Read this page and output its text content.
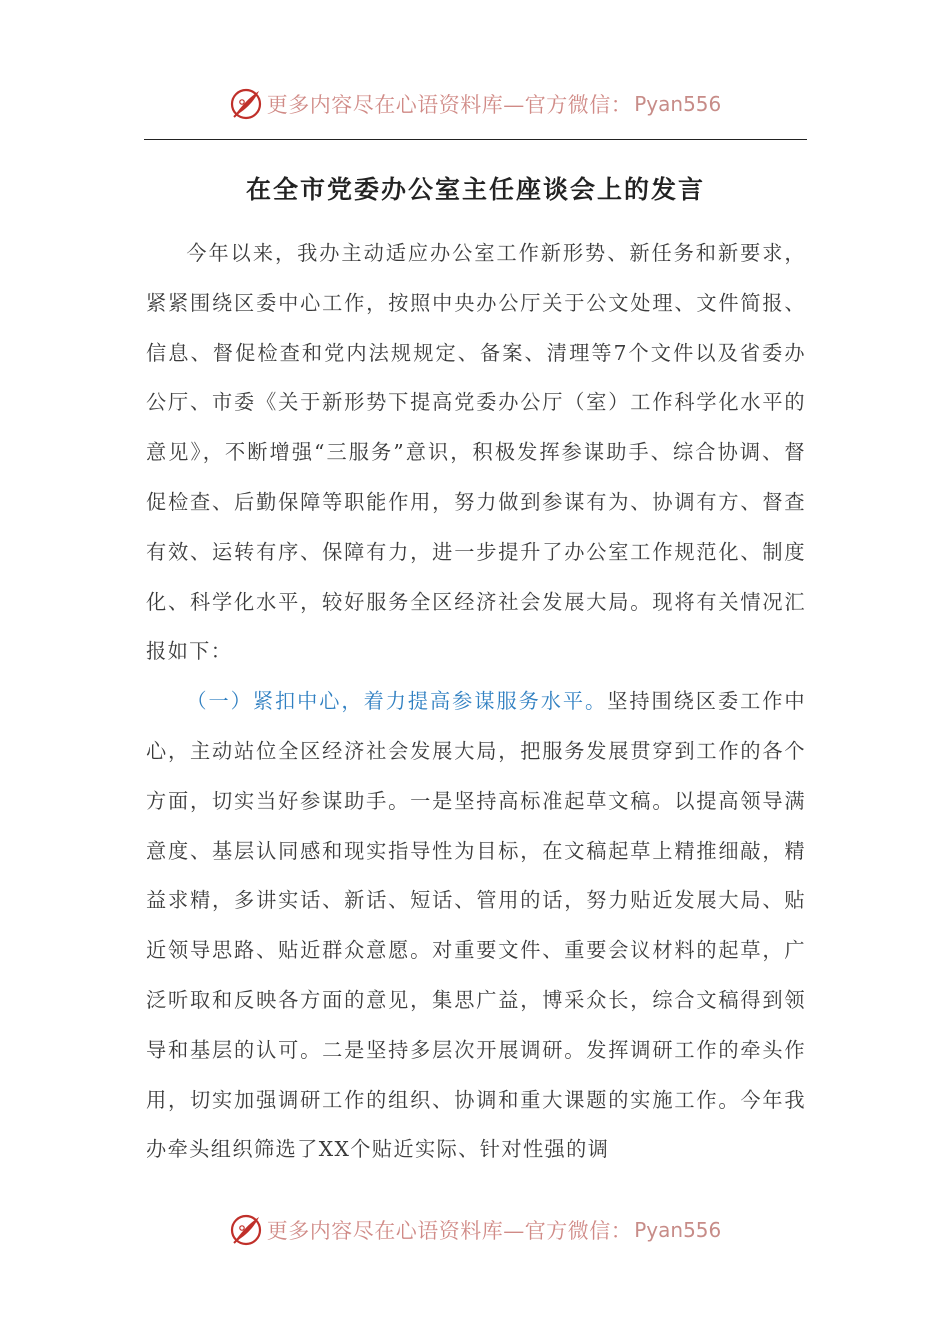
更多内容尽在心语资料库—官方微信： Pyan556
在全市党委办公室主任座谈会上的发言

今年以来，我办主动适应办公室工作新形势、新任务和新要求，紧紧围绕区委中心工作，按照中央办公厅关于公文处理、文件简报、信息、督促检查和党内法规规定、备案、清理等7个文件以及省委办公厅、市委《关于新形势下提高党委办公厅（室）工作科学化水平的意见》，不断增强“三服务”意识，积极发挥参谋助手、综合协调、督促检查、后勤保障等职能作用，努力做到参谋有为、协调有方、督查有效、运转有序、保障有力，进一步提升了办公室工作规范化、制度化、科学化水平，较好服务全区经济社会发展大局。现将有关情况汇报如下：

（一）紧扣中心，着力提高参谋服务水平。坚持围绕区委工作中心，主动站位全区经济社会发展大局，把服务发展贯穿到工作的各个方面，切实当好参谋助手。一是坚持高标准起草文稿。以提高领导满意度、基层认同感和现实指导性为目标，在文稿起草上精推细敲，精益求精，多讲实话、新话、短话、管用的话，努力贴近发展大局、贴近领导思路、贴近群众意愿。对重要文件、重要会议材料的起草，广泛听取和反映各方面的意见，集思广益，博采众长，综合文稿得到领导和基层的认可。二是坚持多层次开展调研。发挥调研工作的牵头作用，切实加强调研工作的组织、协调和重大课题的实施工作。今年我办牵头组织筛选了XX个贴近实际、针对性强的调

更多内容尽在心语资料库—官方微信： Pyan556
